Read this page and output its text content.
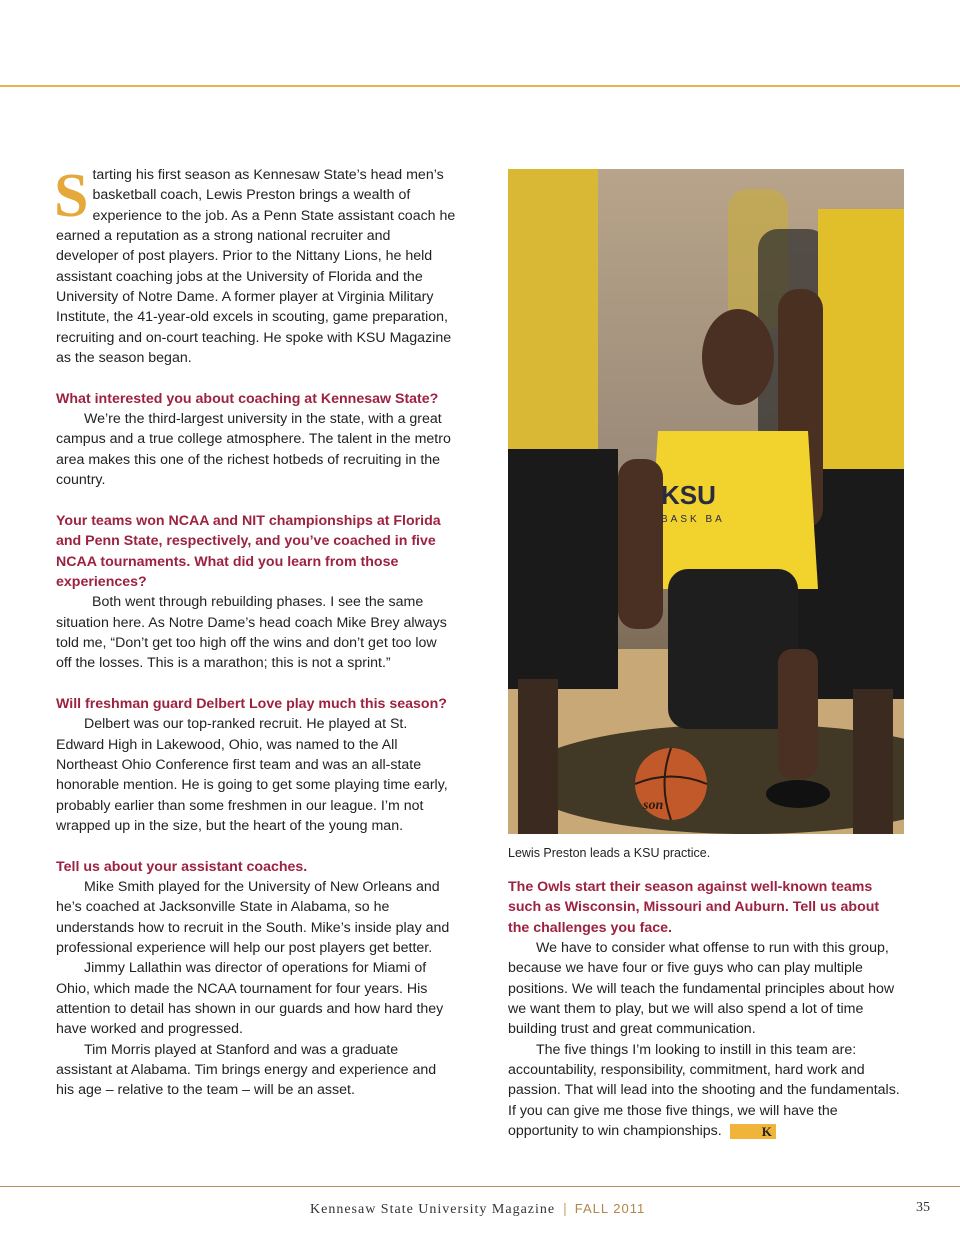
S tarting his first season as Kennesaw State’s head men’s basketball coach, Lewis Preston brings a wealth of experience to the job. As a Penn State assistant coach he earned a reputation as a strong national recruiter and developer of post players. Prior to the Nittany Lions, he held assistant coaching jobs at the University of Florida and the University of Notre Dame. A former player at Virginia Military Institute, the 41-year-old excels in scouting, game preparation, recruiting and on-court teaching. He spoke with KSU Magazine as the season began.

What interested you about coaching at Kennesaw State?

We’re the third-largest university in the state, with a great campus and a true college atmosphere. The talent in the metro area makes this one of the richest hotbeds of recruiting in the country.

Your teams won NCAA and NIT championships at Florida and Penn State, respectively, and you’ve coached in five NCAA tournaments. What did you learn from those experiences?

Both went through rebuilding phases. I see the same situation here. As Notre Dame’s head coach Mike Brey always told me, “Don’t get too high off the wins and don’t get too low off the losses. This is a marathon; this is not a sprint.”

Will freshman guard Delbert Love play much this season?

Delbert was our top-ranked recruit. He played at St. Edward High in Lakewood, Ohio, was named to the All Northeast Ohio Conference first team and was an all-state honorable mention. He is going to get some playing time early, probably earlier than some freshmen in our league. I’m not wrapped up in the size, but the heart of the young man.

Tell us about your assistant coaches.

Mike Smith played for the University of New Orleans and he’s coached at Jacksonville State in Alabama, so he understands how to recruit in the South. Mike’s inside play and professional experience will help our post players get better.

Jimmy Lallathin was director of operations for Miami of Ohio, which made the NCAA tournament for four years. His attention to detail has shown in our guards and how hard they have worked and progressed.

Tim Morris played at Stanford and was a graduate assistant at Alabama. Tim brings energy and experience and his age – relative to the team – will be an asset.

KSU
BASK BA
son
Lewis Preston leads a KSU practice.

The Owls start their season against well-known teams such as Wisconsin, Missouri and Auburn. Tell us about the challenges you face.

We have to consider what offense to run with this group, because we have four or five guys who can play multiple positions. We will teach the fundamental principles about how we want them to play, but we will also spend a lot of time building trust and great communication.

The five things I’m looking to instill in this team are: accountability, responsibility, commitment, hard work and passion. That will lead into the shooting and the fundamentals. If you can give me those five things, we will have the opportunity to win championships.	K

Kennesaw State University Magazine | FALL 2011	35
